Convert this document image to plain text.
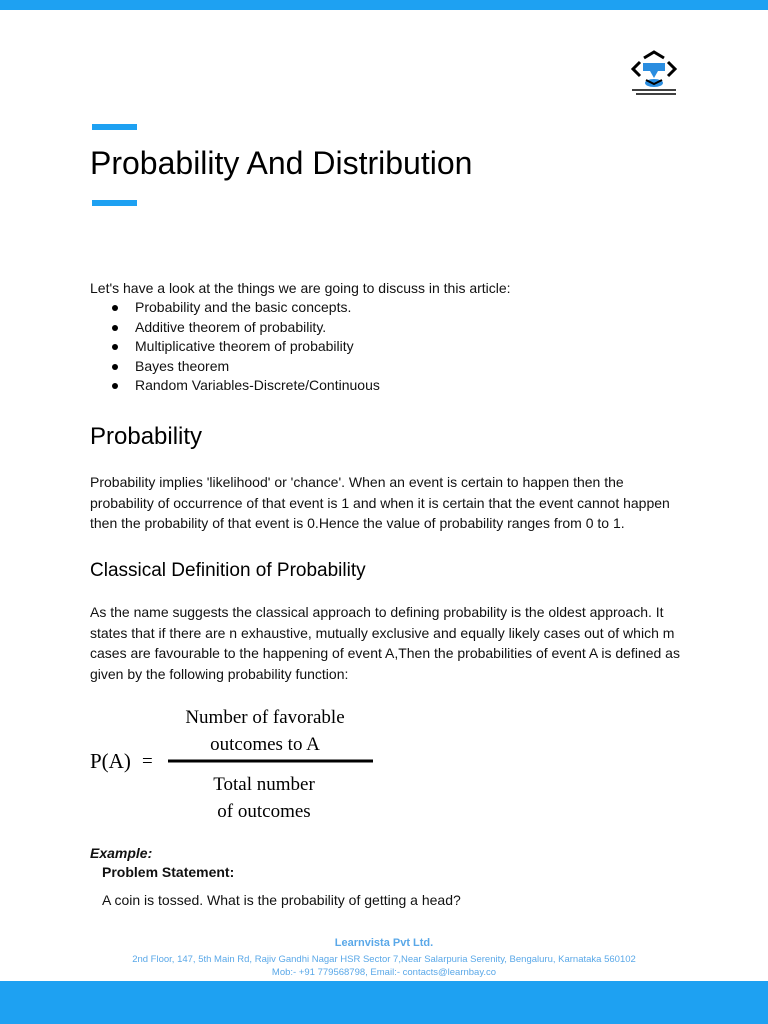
Probability And Distribution
Let's have a look at the things we are going to discuss in this article:
Probability and the basic concepts.
Additive theorem of probability.
Multiplicative theorem of probability
Bayes theorem
Random Variables-Discrete/Continuous
Probability

Probability implies 'likelihood' or 'chance'. When an event is certain to happen then the
probability of occurrence of that event is 1 and when it is certain that the event cannot happen
then the probability of that event is 0.Hence the value of probability ranges from 0 to 1.

Classical Definition of Probability

As the name suggests the classical approach to defining probability is the oldest approach. It
states that if there are n exhaustive, mutually exclusive and equally likely cases out of which m
cases are favourable to the happening of event A,Then the probabilities of event A is defined as
given by the following probability function:

P(A) =
Number of favorable
outcomes to A
Total number
of outcomes
Example:
Problem Statement:
A coin is tossed. What is the probability of getting a head?
Learnvista Pvt Ltd.
2nd Floor, 147, 5th Main Rd, Rajiv Gandhi Nagar HSR Sector 7,Near Salarpuria Serenity, Bengaluru, Karnataka 560102
Mob:- +91 779568798, Email:- contacts@learnbay.co
